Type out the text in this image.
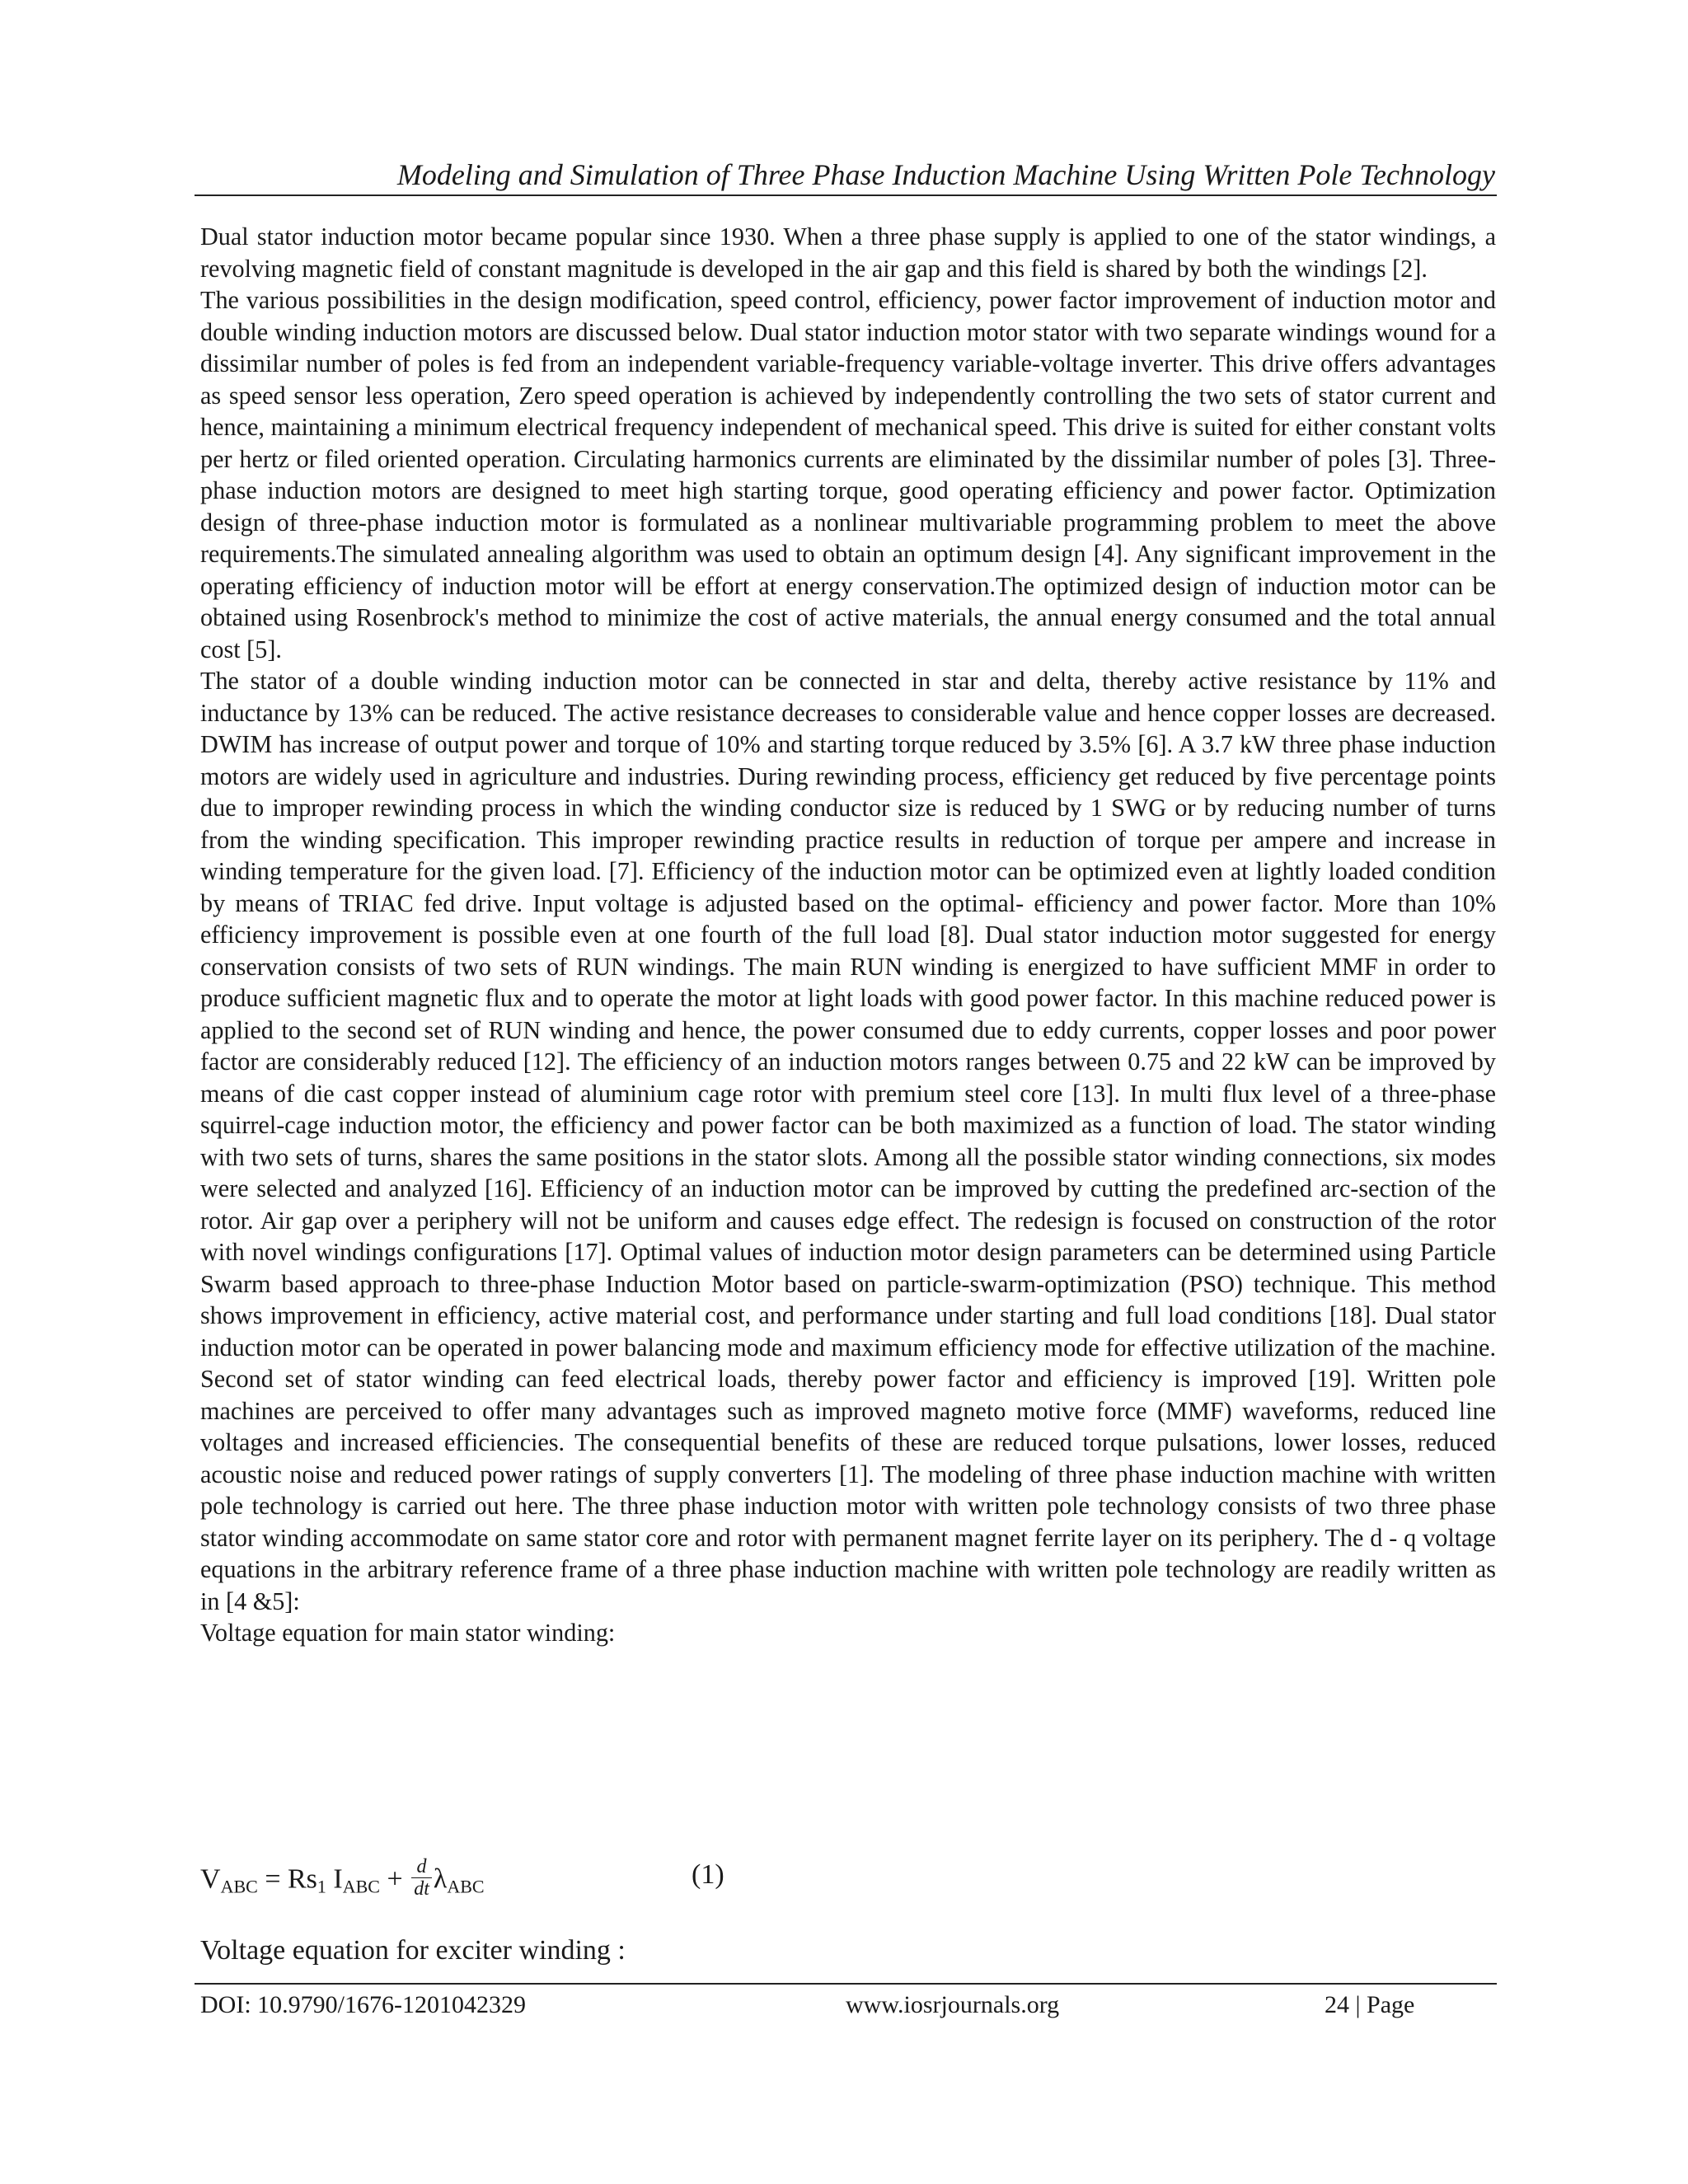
Modeling and Simulation of Three Phase Induction Machine Using Written Pole Technology

Dual stator induction motor became popular since 1930. When a three phase supply is applied to one of the stator windings, a revolving magnetic field of constant magnitude is developed in the air gap and this field is shared by both the windings [2].

The various possibilities in the design modification, speed control, efficiency, power factor improvement of induction motor and double winding induction motors are discussed below. Dual stator induction motor stator with two separate windings wound for a dissimilar number of poles is fed from an independent variable-frequency variable-voltage inverter. This drive offers advantages as speed sensor less operation, Zero speed operation is achieved by independently controlling the two sets of stator current and hence, maintaining a minimum electrical frequency independent of mechanical speed. This drive is suited for either constant volts per hertz or filed oriented operation. Circulating harmonics currents are eliminated by the dissimilar number of poles [3]. Three-phase induction motors are designed to meet high starting torque, good operating efficiency and power factor. Optimization design of three-phase induction motor is formulated as a nonlinear multivariable programming problem to meet the above requirements.The simulated annealing algorithm was used to obtain an optimum design [4]. Any significant improvement in the operating efficiency of induction motor will be effort at energy conservation.The optimized design of induction motor can be obtained using Rosenbrock's method to minimize the cost of active materials, the annual energy consumed and the total annual cost [5].

The stator of a double winding induction motor can be connected in star and delta, thereby active resistance by 11% and inductance by 13% can be reduced. The active resistance decreases to considerable value and hence copper losses are decreased. DWIM has increase of output power and torque of 10% and starting torque reduced by 3.5% [6]. A 3.7 kW three phase induction motors are widely used in agriculture and industries. During rewinding process, efficiency get reduced by five percentage points due to improper rewinding process in which the winding conductor size is reduced by 1 SWG or by reducing number of turns from the winding specification. This improper rewinding practice results in reduction of torque per ampere and increase in winding temperature for the given load. [7]. Efficiency of the induction motor can be optimized even at lightly loaded condition by means of TRIAC fed drive. Input voltage is adjusted based on the optimal- efficiency and power factor. More than 10% efficiency improvement is possible even at one fourth of the full load [8]. Dual stator induction motor suggested for energy conservation consists of two sets of RUN windings. The main RUN winding is energized to have sufficient MMF in order to produce sufficient magnetic flux and to operate the motor at light loads with good power factor. In this machine reduced power is applied to the second set of RUN winding and hence, the power consumed due to eddy currents, copper losses and poor power factor are considerably reduced [12]. The efficiency of an induction motors ranges between 0.75 and 22 kW can be improved by means of die cast copper instead of aluminium cage rotor with premium steel core [13]. In multi flux level of a three-phase squirrel-cage induction motor, the efficiency and power factor can be both maximized as a function of load. The stator winding with two sets of turns, shares the same positions in the stator slots. Among all the possible stator winding connections, six modes were selected and analyzed [16]. Efficiency of an induction motor can be improved by cutting the predefined arc-section of the rotor. Air gap over a periphery will not be uniform and causes edge effect. The redesign is focused on construction of the rotor with novel windings configurations [17]. Optimal values of induction motor design parameters can be determined using Particle Swarm based approach to three-phase Induction Motor based on particle-swarm-optimization (PSO) technique. This method shows improvement in efficiency, active material cost, and performance under starting and full load conditions [18]. Dual stator induction motor can be operated in power balancing mode and maximum efficiency mode for effective utilization of the machine. Second set of stator winding can feed electrical loads, thereby power factor and efficiency is improved [19]. Written pole machines are perceived to offer many advantages such as improved magneto motive force (MMF) waveforms, reduced line voltages and increased efficiencies. The consequential benefits of these are reduced torque pulsations, lower losses, reduced acoustic noise and reduced power ratings of supply converters [1]. The modeling of three phase induction machine with written pole technology is carried out here. The three phase induction motor with written pole technology consists of two three phase stator winding accommodate on same stator core and rotor with permanent magnet ferrite layer on its periphery. The d - q voltage equations in the arbitrary reference frame of a three phase induction machine with written pole technology are readily written as in [4 &5]:

Voltage equation for main stator winding:

$V_{ABC} = Rs_1$ $I_{ABC} + \frac{d}{dt} \lambda_{ABC}$	(1)
Voltage equation for exciter winding :
DOI: 10.9790/1676-1201042329	www.iosrjournals.org	24 | Page
